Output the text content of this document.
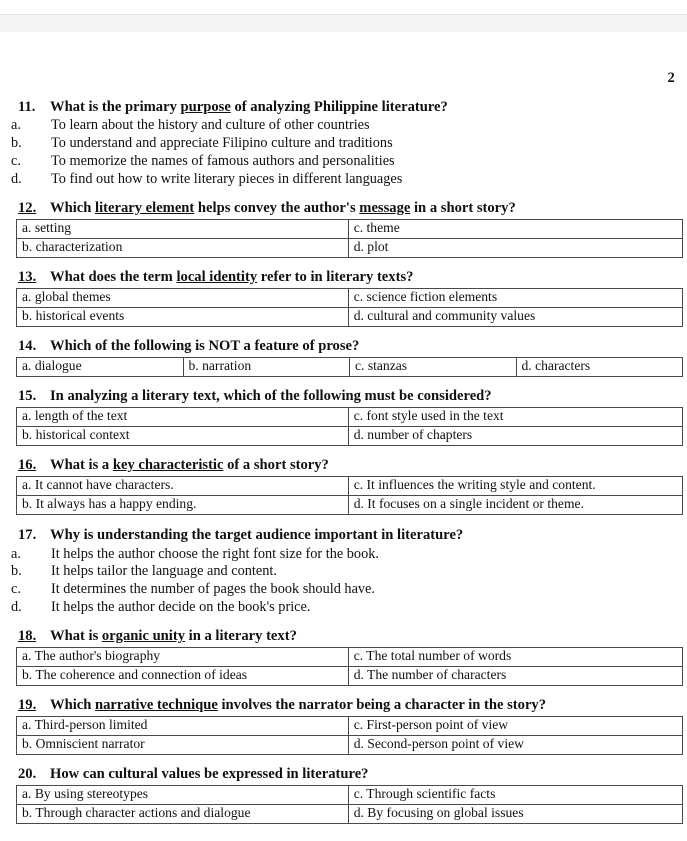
2
11. What is the primary purpose of analyzing Philippine literature?
a. To learn about the history and culture of other countries
b. To understand and appreciate Filipino culture and traditions
c. To memorize the names of famous authors and personalities
d. To find out how to write literary pieces in different languages
12. Which literary element helps convey the author's message in a short story?
a. setting	c. theme
b. characterization	d. plot
13. What does the term local identity refer to in literary texts?
a. global themes	c. science fiction elements
b. historical events	d. cultural and community values
14. Which of the following is NOT a feature of prose?
a. dialogue	b. narration	c. stanzas	d. characters
15. In analyzing a literary text, which of the following must be considered?
a. length of the text	c. font style used in the text
b. historical context	d. number of chapters
16. What is a key characteristic of a short story?
a. It cannot have characters.	c. It influences the writing style and content.
b. It always has a happy ending.	d. It focuses on a single incident or theme.
17. Why is understanding the target audience important in literature?
a. It helps the author choose the right font size for the book.
b. It helps tailor the language and content.
c. It determines the number of pages the book should have.
d. It helps the author decide on the book's price.
18. What is organic unity in a literary text?
a. The author's biography	c. The total number of words
b. The coherence and connection of ideas	d. The number of characters
19. Which narrative technique involves the narrator being a character in the story?
a. Third-person limited	c. First-person point of view
b. Omniscient narrator	d. Second-person point of view
20. How can cultural values be expressed in literature?
a. By using stereotypes	c. Through scientific facts
b. Through character actions and dialogue	d. By focusing on global issues
